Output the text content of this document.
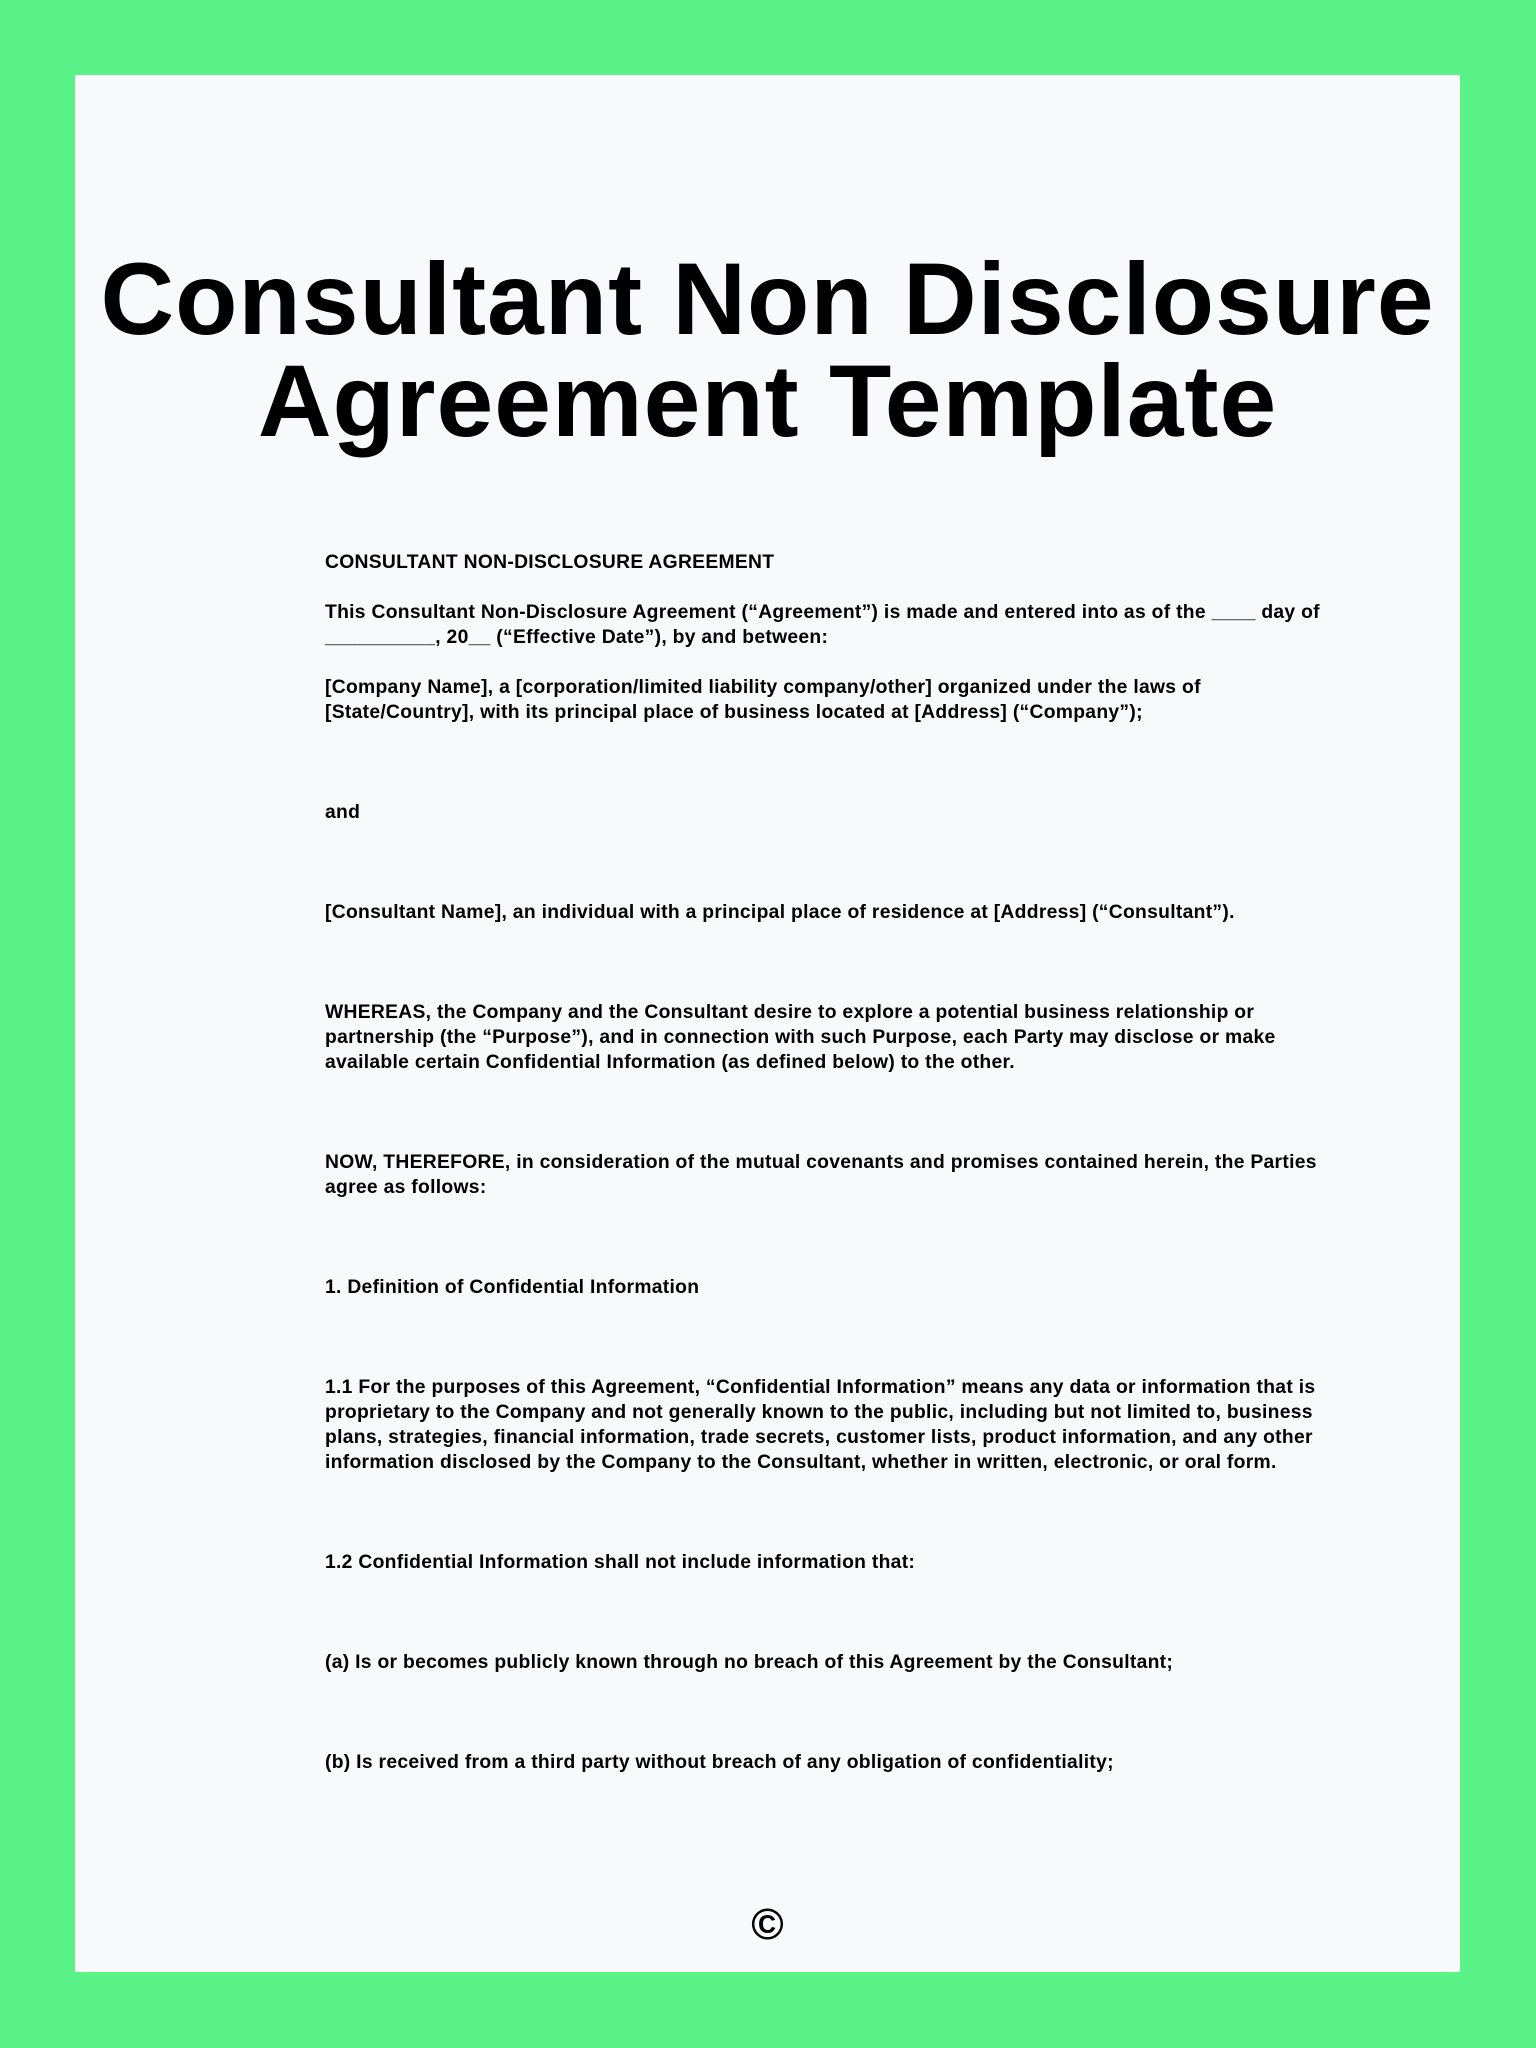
Consultant Non Disclosure
Agreement Template

CONSULTANT NON-DISCLOSURE AGREEMENT

This Consultant Non-Disclosure Agreement (“Agreement”) is made and entered into as of the ____ day of
__________, 20__ (“Effective Date”), by and between:

[Company Name], a [corporation/limited liability company/other] organized under the laws of
[State/Country], with its principal place of business located at [Address] (“Company”);

and

[Consultant Name], an individual with a principal place of residence at [Address] (“Consultant”).

WHEREAS, the Company and the Consultant desire to explore a potential business relationship or
partnership (the “Purpose”), and in connection with such Purpose, each Party may disclose or make
available certain Confidential Information (as defined below) to the other.

NOW, THEREFORE, in consideration of the mutual covenants and promises contained herein, the Parties
agree as follows:

1. Definition of Confidential Information

1.1 For the purposes of this Agreement, “Confidential Information” means any data or information that is
proprietary to the Company and not generally known to the public, including but not limited to, business
plans, strategies, financial information, trade secrets, customer lists, product information, and any other
information disclosed by the Company to the Consultant, whether in written, electronic, or oral form.

1.2 Confidential Information shall not include information that:

(a) Is or becomes publicly known through no breach of this Agreement by the Consultant;

(b) Is received from a third party without breach of any obligation of confidentiality;

©
